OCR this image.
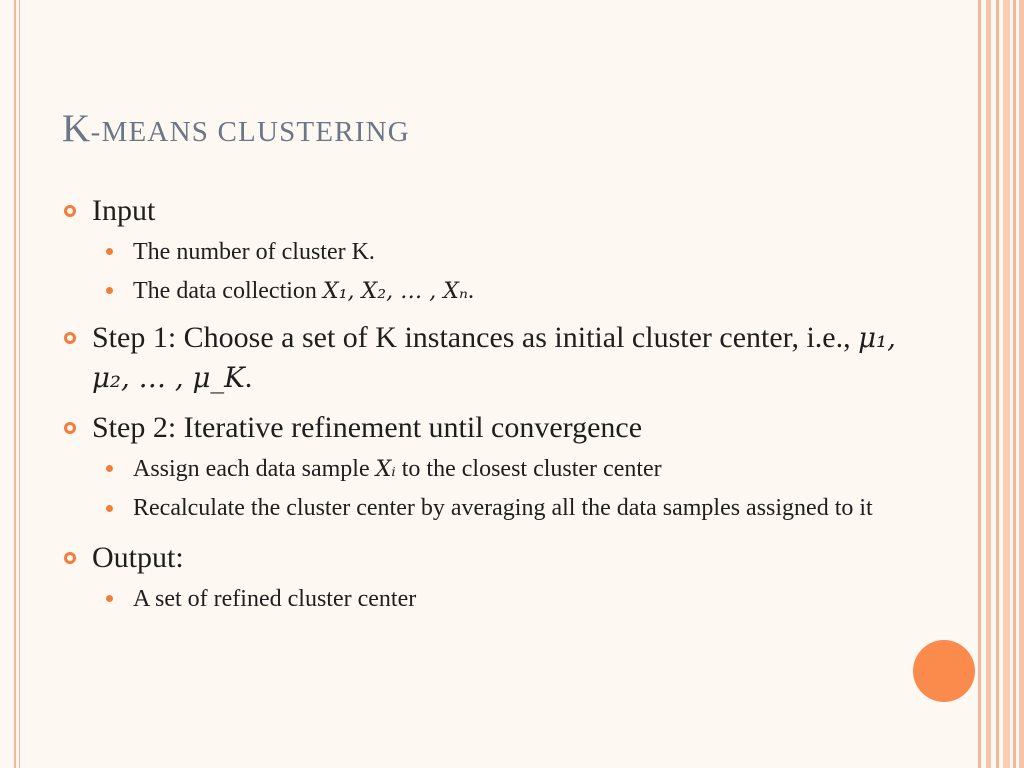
K-MEANS CLUSTERING
Input
The number of cluster K.
The data collection X₁, X₂, … , Xₙ.
Step 1: Choose a set of K instances as initial cluster center, i.e., μ₁, μ₂, … , μ_K.
Step 2: Iterative refinement until convergence
Assign each data sample Xᵢ to the closest cluster center
Recalculate the cluster center by averaging all the data samples assigned to it
Output:
A set of refined cluster center
